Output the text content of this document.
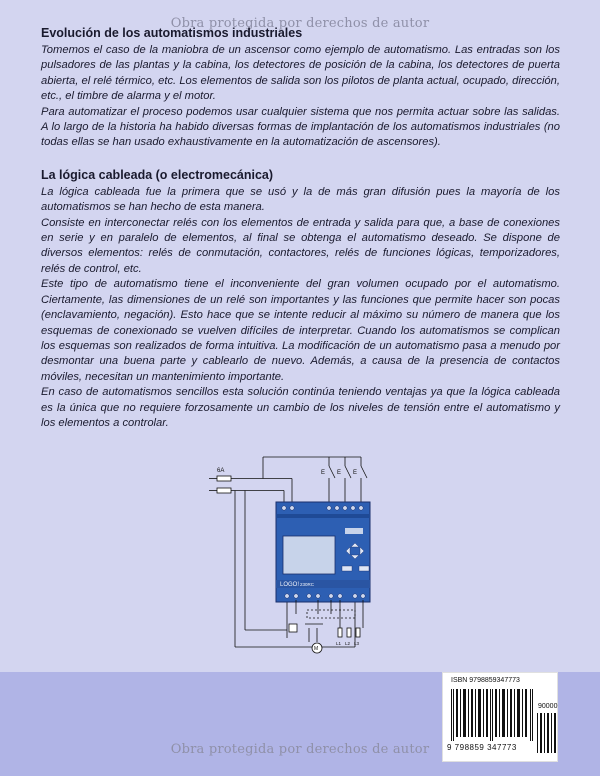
Obra protegida por derechos de autor
Evolución de los automatismos industriales

Tomemos el caso de la maniobra de un ascensor como ejemplo de automatismo. Las entradas son los pulsadores de las plantas y la cabina, los detectores de posición de la cabina, los detectores de puerta abierta, el relé térmico, etc. Los elementos de salida son los pilotos de planta actual, ocupado, dirección, etc., el timbre de alarma y el motor.

Para automatizar el proceso podemos usar cualquier sistema que nos permita actuar sobre las salidas. A lo largo de la historia ha habido diversas formas de implantación de los automatismos industriales (no todas ellas se han usado exhaustivamente en la automatización de ascensores).

La lógica cableada (o electromecánica)

La lógica cableada fue la primera que se usó y la de más gran difusión pues la mayoría de los automatismos se han hecho de esta manera.

Consiste en interconectar relés con los elementos de entrada y salida para que, a base de conexiones en serie y en paralelo de elementos, al final se obtenga el automatismo deseado. Se dispone de diversos elementos: relés de conmutación, contactores, relés de funciones lógicas, temporizadores, relés de control, etc.

Este tipo de automatismo tiene el inconveniente del gran volumen ocupado por el automatismo. Ciertamente, las dimensiones de un relé son importantes y las funciones que permite hacer son pocas (enclavamiento, negación). Esto hace que se intente reducir al máximo su número de manera que los esquemas de conexionado se vuelven difíciles de interpretar. Cuando los automatismos se complican los esquemas son realizados de forma intuitiva. La modificación de un automatismo pasa a menudo por desmontar una buena parte y cablearlo de nuevo. Además, a causa de la presencia de contactos móviles, necesitan un mantenimiento importante.

En caso de automatismos sencillos esta solución continúa teniendo ventajas ya que la lógica cableada es la única que no requiere forzosamente un cambio de los niveles de tensión entre el automatismo y los elementos a controlar.

6A	E E E
LOGO! 230RC
M
L1 L2 L3
ISBN 9798859347773
90000
9 798859 347773
Obra protegida por derechos de autor
